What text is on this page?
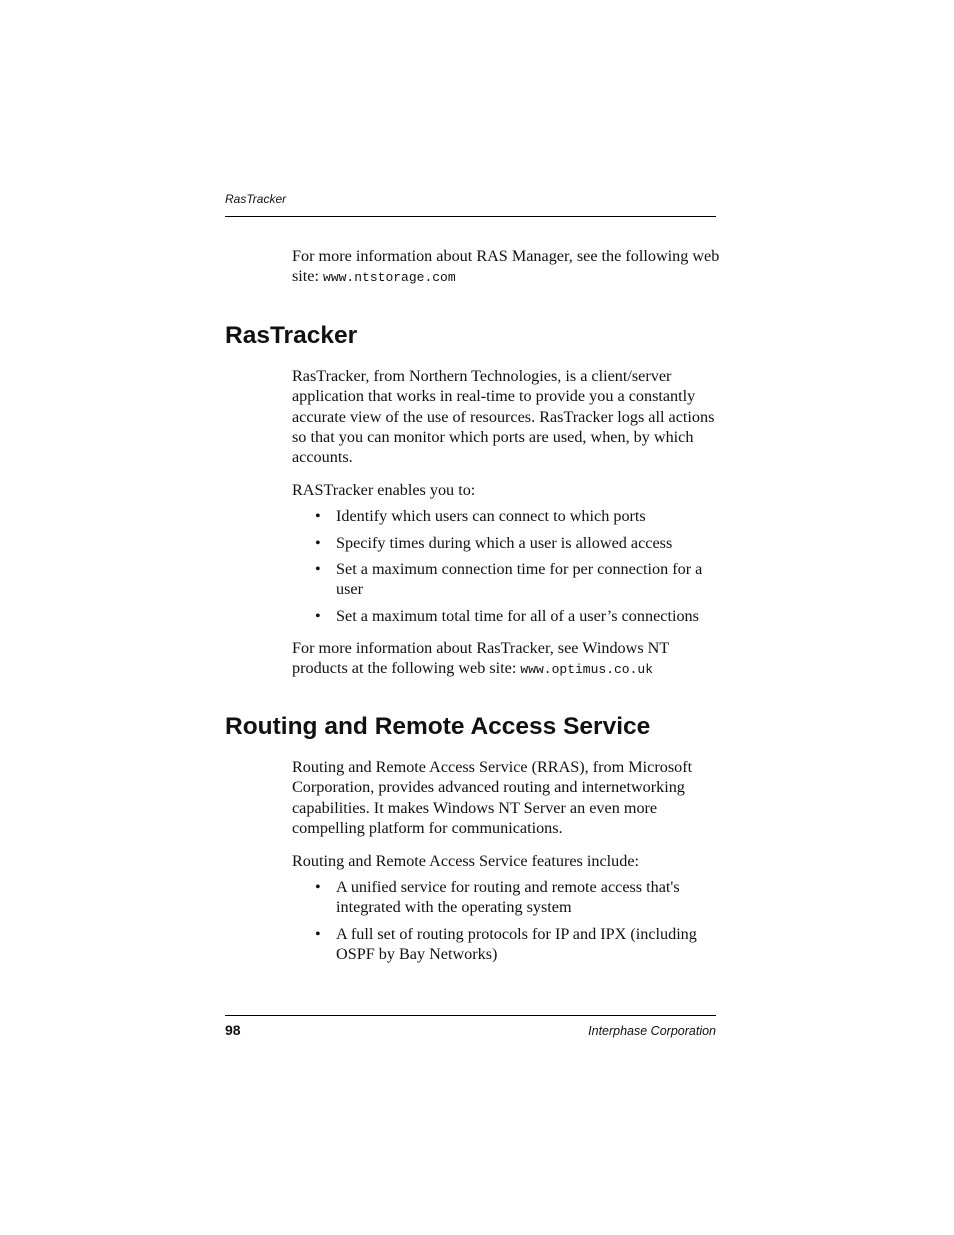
RasTracker

For more information about RAS Manager, see the following web site: www.ntstorage.com

RasTracker

RasTracker, from Northern Technologies, is a client/server application that works in real-time to provide you a constantly accurate view of the use of resources. RasTracker logs all actions so that you can monitor which ports are used, when, by which accounts.

RASTracker enables you to:

• Identify which users can connect to which ports
• Specify times during which a user is allowed access
• Set a maximum connection time for per connection for a user
• Set a maximum total time for all of a user’s connections

For more information about RasTracker, see Windows NT products at the following web site: www.optimus.co.uk

Routing and Remote Access Service

Routing and Remote Access Service (RRAS), from Microsoft Corporation, provides advanced routing and internetworking capabilities. It makes Windows NT Server an even more compelling platform for communications.

Routing and Remote Access Service features include:

• A unified service for routing and remote access that's integrated with the operating system
• A full set of routing protocols for IP and IPX (including OSPF by Bay Networks)
98	Interphase Corporation
